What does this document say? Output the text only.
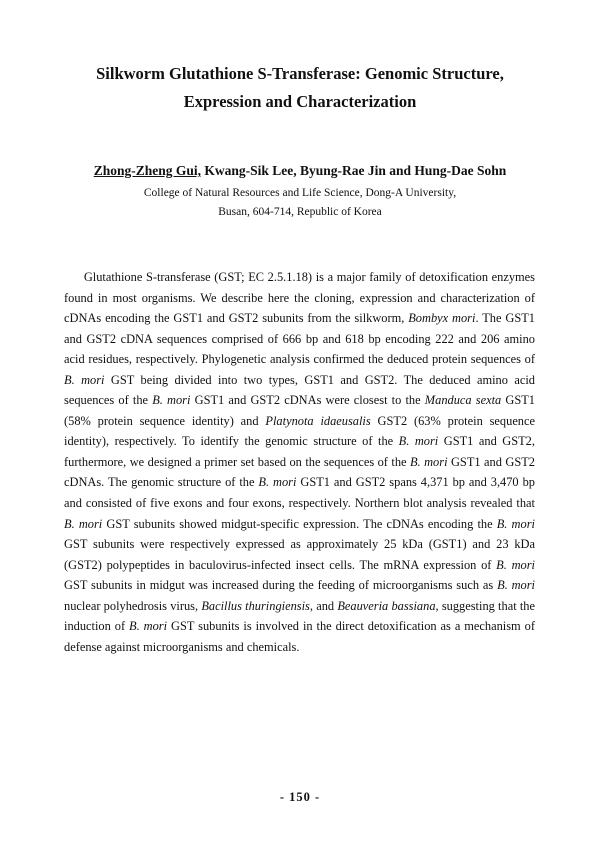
Silkworm Glutathione S-Transferase: Genomic Structure,
Expression and Characterization
Zhong-Zheng Gui, Kwang-Sik Lee, Byung-Rae Jin and Hung-Dae Sohn
College of Natural Resources and Life Science, Dong-A University,
Busan, 604-714, Republic of Korea

Glutathione S-transferase (GST; EC 2.5.1.18) is a major family of detoxification enzymes found in most organisms. We describe here the cloning, expression and characterization of cDNAs encoding the GST1 and GST2 subunits from the silkworm, Bombyx mori. The GST1 and GST2 cDNA sequences comprised of 666 bp and 618 bp encoding 222 and 206 amino acid residues, respectively. Phylogenetic analysis confirmed the deduced protein sequences of B. mori GST being divided into two types, GST1 and GST2. The deduced amino acid sequences of the B. mori GST1 and GST2 cDNAs were closest to the Manduca sexta GST1 (58% protein sequence identity) and Platynota idaeusalis GST2 (63% protein sequence identity), respectively. To identify the genomic structure of the B. mori GST1 and GST2, furthermore, we designed a primer set based on the sequences of the B. mori GST1 and GST2 cDNAs. The genomic structure of the B. mori GST1 and GST2 spans 4,371 bp and 3,470 bp and consisted of five exons and four exons, respectively. Northern blot analysis revealed that B. mori GST subunits showed midgut-specific expression. The cDNAs encoding the B. mori GST subunits were respectively expressed as approximately 25 kDa (GST1) and 23 kDa (GST2) polypeptides in baculovirus-infected insect cells. The mRNA expression of B. mori GST subunits in midgut was increased during the feeding of microorganisms such as B. mori nuclear polyhedrosis virus, Bacillus thuringiensis, and Beauveria bassiana, suggesting that the induction of B. mori GST subunits is involved in the direct detoxification as a mechanism of defense against microorganisms and chemicals.

- 150 -
